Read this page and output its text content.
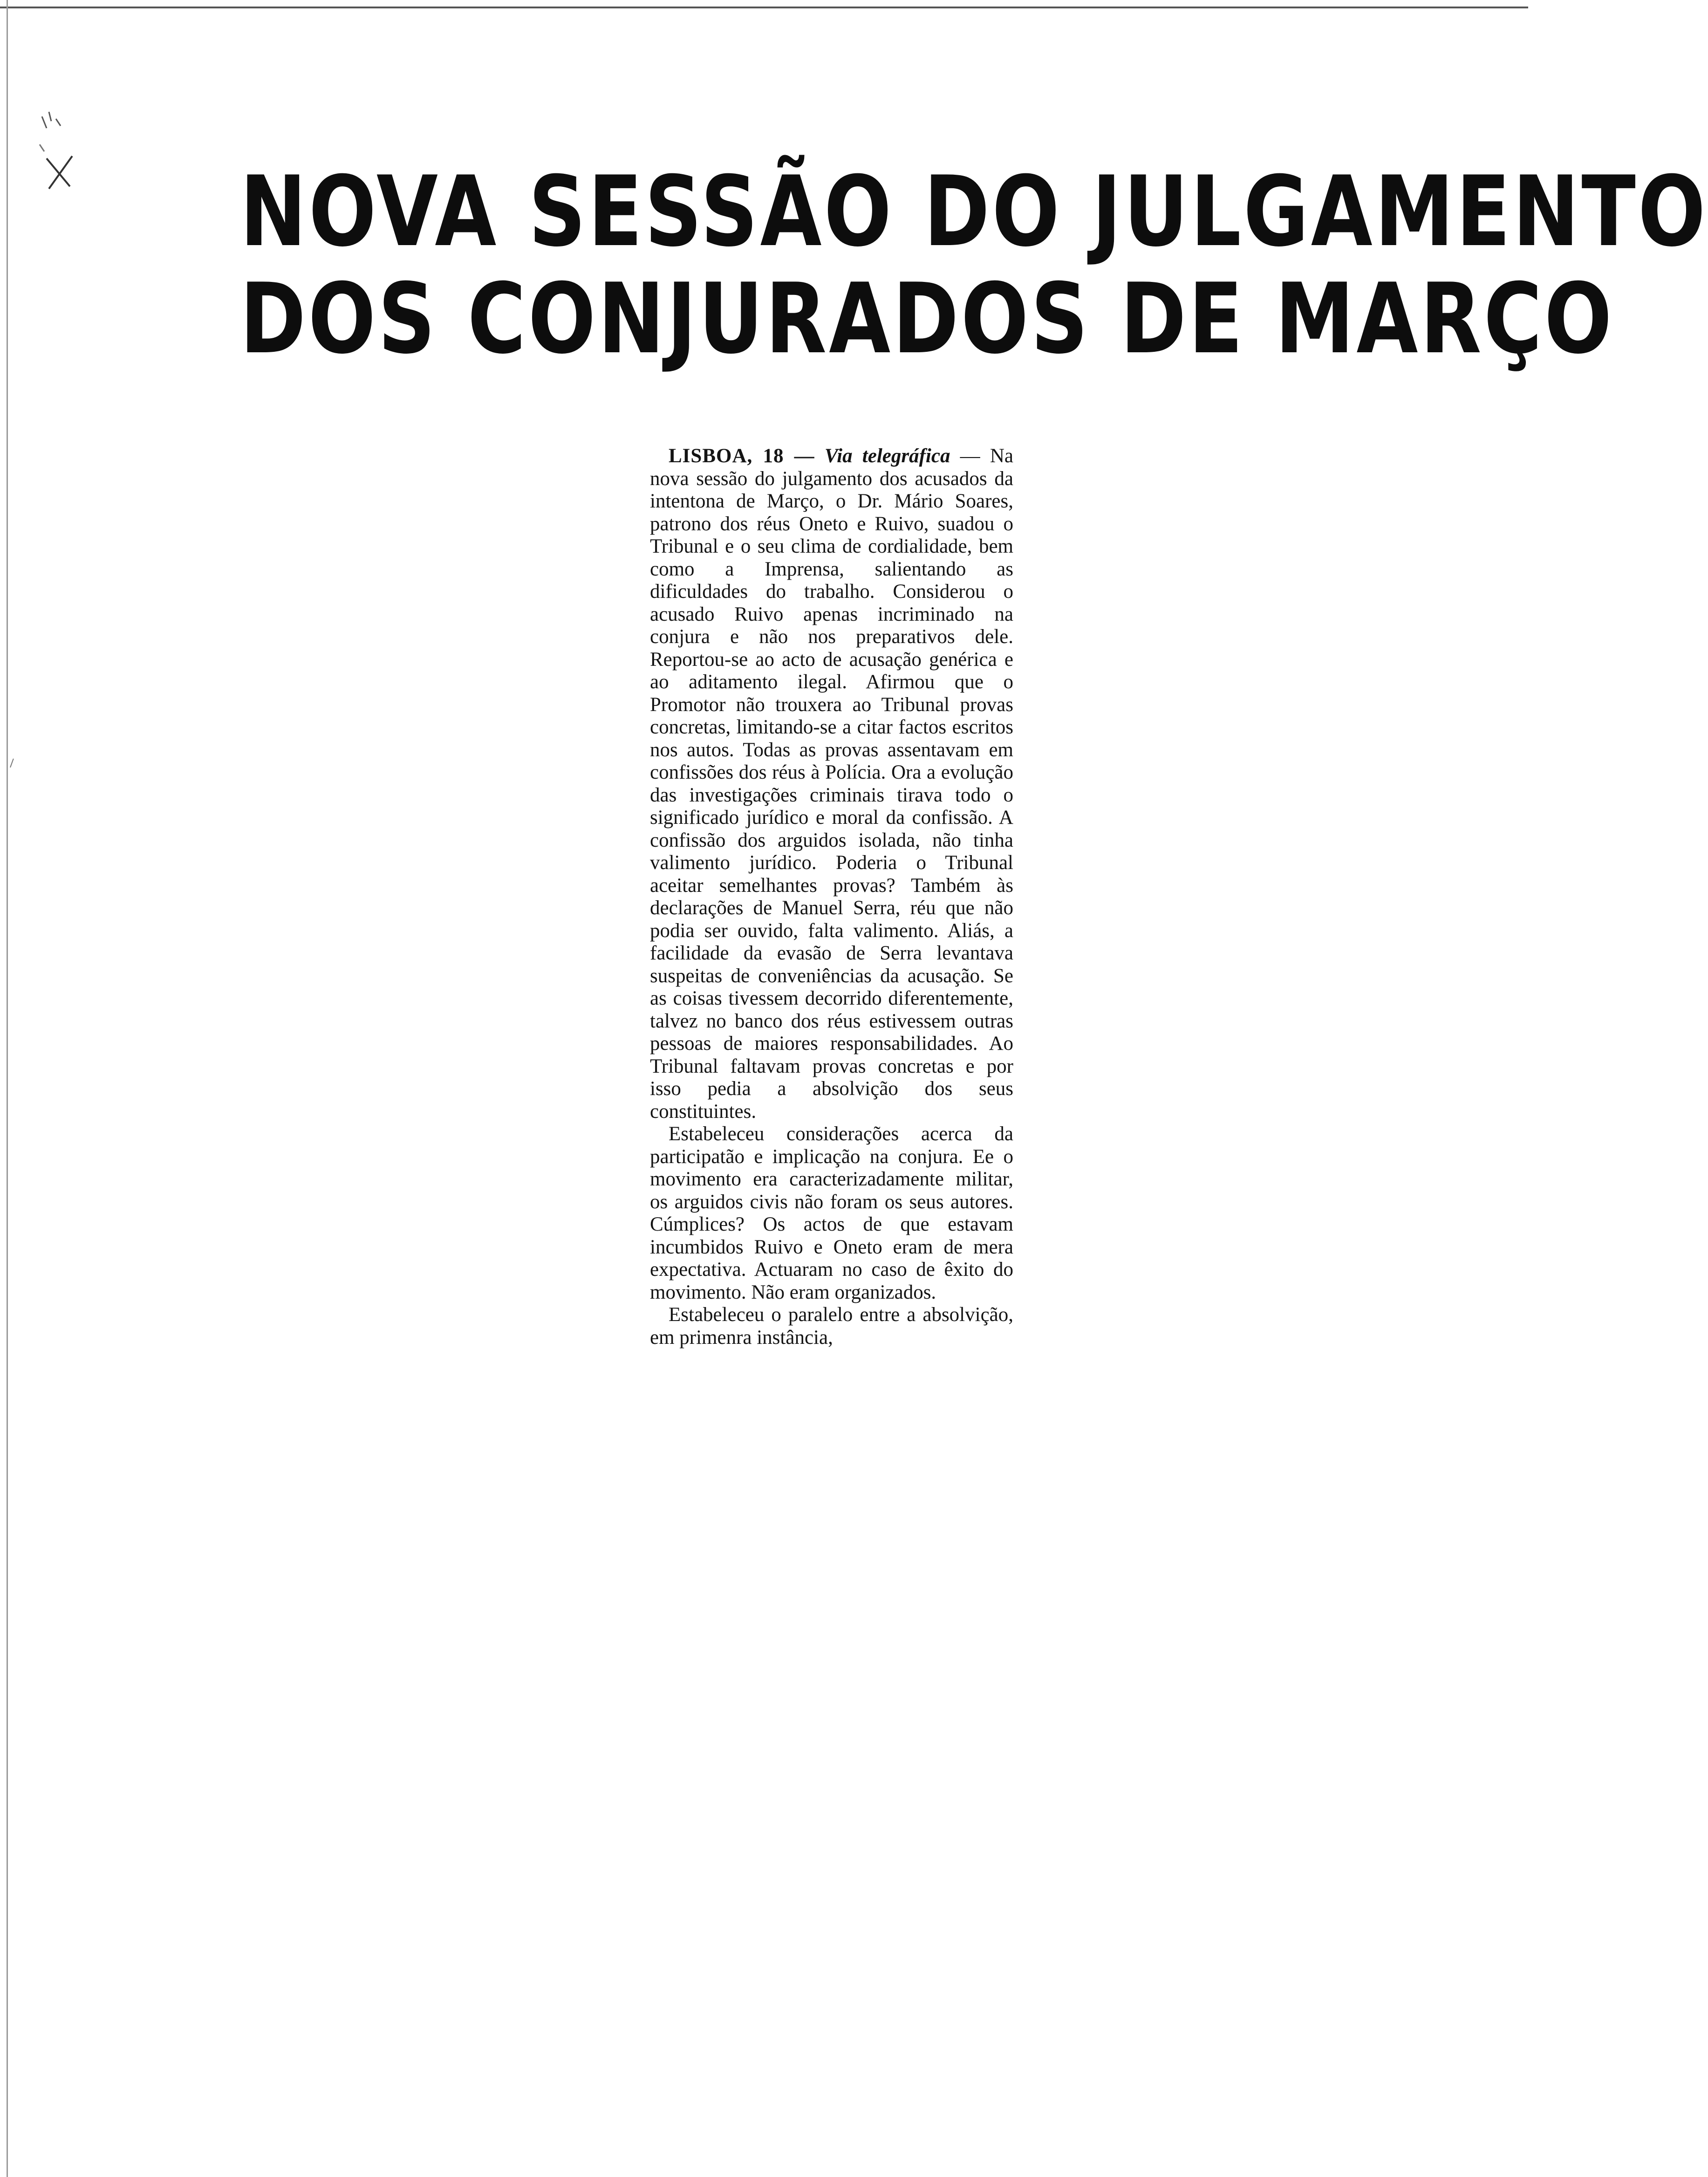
NOVA SESSÃO DO JULGAMENTO
DOS CONJURADOS DE MARÇO

LISBOA, 18 — Via telegráfica — Na nova sessão do julgamento dos acusados da intentona de Março, o Dr. Mário Soares, patrono dos réus Oneto e Ruivo, suadou o Tribunal e o seu clima de cordialidade, bem como a Imprensa, salientando as dificuldades do trabalho. Considerou o acusado Ruivo apenas incriminado na conjura e não nos preparativos dele. Reportou-se ao acto de acusação genérica e ao aditamento ilegal. Afirmou que o Promotor não trouxera ao Tribunal provas concretas, limitando-se a citar factos escritos nos autos. Todas as provas assentavam em confissões dos réus à Polícia. Ora a evolução das investigações criminais tirava todo o significado jurídico e moral da confissão. A confissão dos arguidos isolada, não tinha valimento jurídico. Poderia o Tribunal aceitar semelhantes provas? Também às declarações de Manuel Serra, réu que não podia ser ouvido, falta valimento. Aliás, a facilidade da evasão de Serra levantava suspeitas de conveniências da acusação. Se as coisas tivessem decorrido diferentemente, talvez no banco dos réus estivessem outras pessoas de maiores responsabilidades. Ao Tribunal faltavam provas concretas e por isso pedia a absolvição dos seus constituintes.

Estabeleceu considerações acerca da participatão e implicação na conjura. Ee o movimento era caracterizadamente militar, os arguidos civis não foram os seus autores. Cúmplices? Os actos de que estavam incumbidos Ruivo e Oneto eram de mera expectativa. Actuaram no caso de êxito do movimento. Não eram organizados.

Estabeleceu o paralelo entre a absolvição, em primenra instância,
